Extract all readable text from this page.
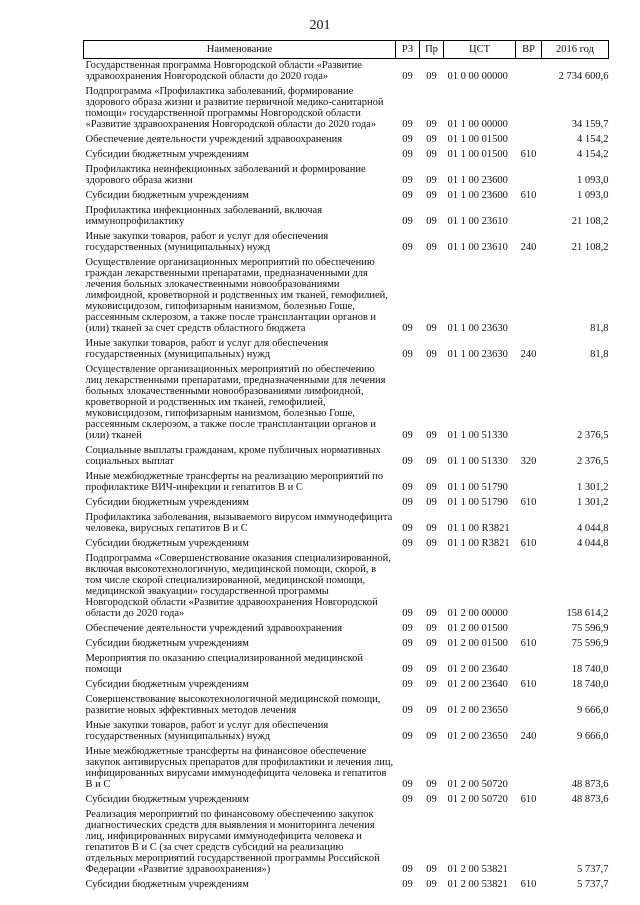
201
Наименование	РЗ	Пр	ЦСТ	ВР	2016 год
Государственная программа Новгородской области «Развитие здравоохранения Новгородской области до 2020 года»	09	09	01 0 00 00000		2 734 600,6
Подпрограмма «Профилактика заболеваний, формирование здорового образа жизни и развитие первичной медико-санитарной помощи» государственной программы Новгородской области «Развитие здравоохранения Новгородской области до 2020 года»	09	09	01 1 00 00000		34 159,7
Обеспечение деятельности учреждений здравоохранения	09	09	01 1 00 01500		4 154,2
Субсидии бюджетным учреждениям	09	09	01 1 00 01500	610	4 154,2
Профилактика неинфекционных заболеваний и формирование здорового образа жизни	09	09	01 1 00 23600		1 093,0
Субсидии бюджетным учреждениям	09	09	01 1 00 23600	610	1 093,0
Профилактика инфекционных заболеваний, включая иммунопрофилактику	09	09	01 1 00 23610		21 108,2
Иные закупки товаров, работ и услуг для обеспечения государственных (муниципальных) нужд	09	09	01 1 00 23610	240	21 108,2
Осуществление организационных мероприятий по обеспечению граждан лекарственными препаратами, предназначенными для лечения больных злокачественными новообразованиями лимфоидной, кроветворной и родственных им тканей, гемофилией, муковисцидозом, гипофизарным нанизмом, болезнью Гоше, рассеянным склерозом, а также после трансплантации органов и (или) тканей за счет средств областного бюджета	09	09	01 1 00 23630		81,8
Иные закупки товаров, работ и услуг для обеспечения государственных (муниципальных) нужд	09	09	01 1 00 23630	240	81,8
Осуществление организационных мероприятий по обеспечению лиц лекарственными препаратами, предназначенными для лечения больных злокачественными новообразованиями лимфоидной, кроветворной и родственных им тканей, гемофилией, муковисцидозом, гипофизарным нанизмом, болезнью Гоше, рассеянным склерозом, а также после трансплантации органов и (или) тканей	09	09	01 1 00 51330		2 376,5
Социальные выплаты гражданам, кроме публичных нормативных социальных выплат	09	09	01 1 00 51330	320	2 376,5
Иные межбюджетные трансферты на реализацию мероприятий по профилактике ВИЧ-инфекции и гепатитов В и С	09	09	01 1 00 51790		1 301,2
Субсидии бюджетным учреждениям	09	09	01 1 00 51790	610	1 301,2
Профилактика заболевания, вызываемого вирусом иммунодефицита человека, вирусных гепатитов В и С	09	09	01 1 00 R3821		4 044,8
Субсидии бюджетным учреждениям	09	09	01 1 00 R3821	610	4 044,8
Подпрограмма «Совершенствование оказания специализированной, включая высокотехнологичную, медицинской помощи, скорой, в том числе скорой специализированной, медицинской помощи, медицинской эвакуации» государственной программы Новгородской области «Развитие здравоохранения Новгородской области до 2020 года»	09	09	01 2 00 00000		158 614,2
Обеспечение деятельности учреждений здравоохранения	09	09	01 2 00 01500		75 596,9
Субсидии бюджетным учреждениям	09	09	01 2 00 01500	610	75 596,9
Мероприятия по оказанию специализированной медицинской помощи	09	09	01 2 00 23640		18 740,0
Субсидии бюджетным учреждениям	09	09	01 2 00 23640	610	18 740,0
Совершенствование высокотехнологичной медицинской помощи, развитие новых эффективных методов лечения	09	09	01 2 00 23650		9 666,0
Иные закупки товаров, работ и услуг для обеспечения государственных (муниципальных) нужд	09	09	01 2 00 23650	240	9 666,0
Иные межбюджетные трансферты на финансовое обеспечение закупок антивирусных препаратов для профилактики и лечения лиц, инфицированных вирусами иммунодефицита человека и гепатитов В и С	09	09	01 2 00 50720		48 873,6
Субсидии бюджетным учреждениям	09	09	01 2 00 50720	610	48 873,6
Реализация мероприятий по финансовому обеспечению закупок диагностических средств для выявления и мониторинга лечения лиц, инфицированных вирусами иммунодефицита человека и гепатитов В и С (за счет средств субсидий на реализацию отдельных мероприятий государственной программы Российской Федерации «Развитие здравоохранения»)	09	09	01 2 00 53821		5 737,7
Субсидии бюджетным учреждениям	09	09	01 2 00 53821	610	5 737,7
